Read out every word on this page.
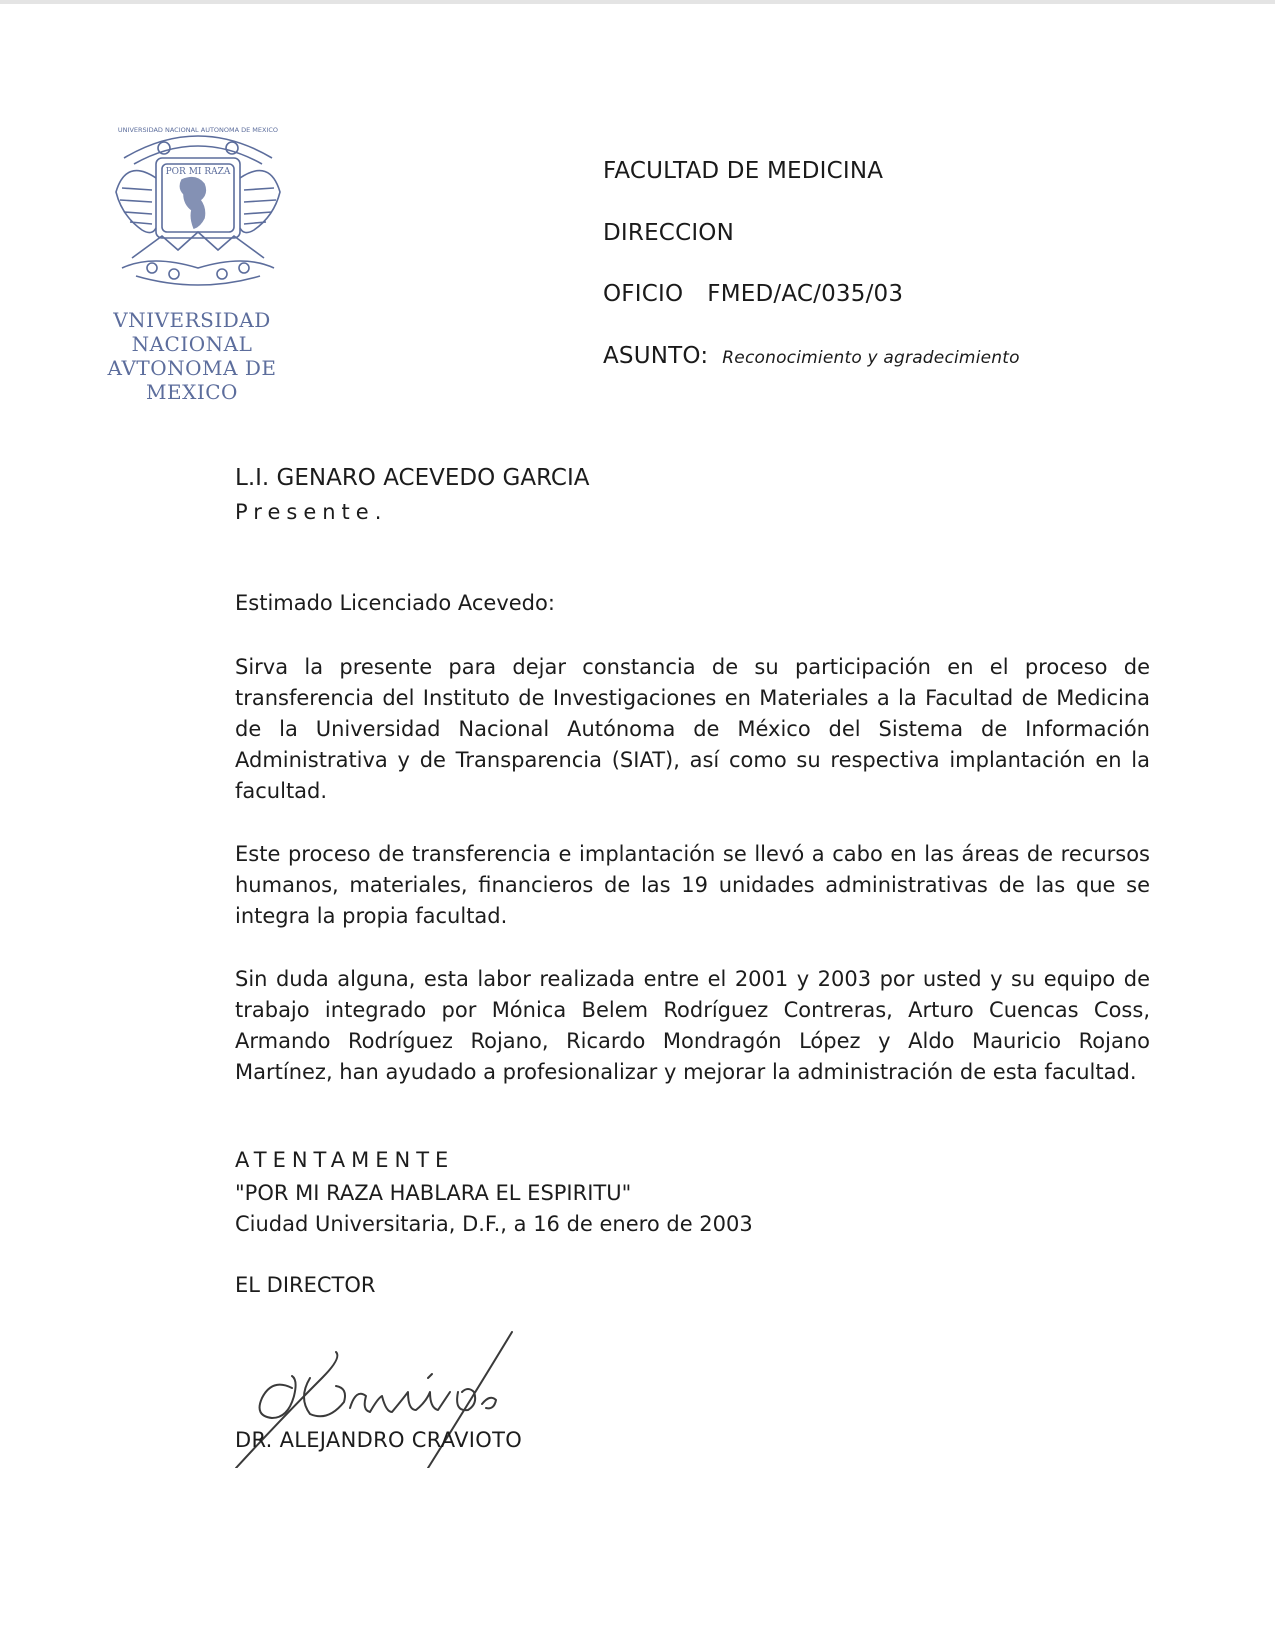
POR MI RAZA
UNIVERSIDAD NACIONAL AUTONOMA DE MEXICO
VNIVERSIDAD NACIONAL
AVTONOMA DE
MEXICO
FACULTAD DE MEDICINA
DIRECCION
OFICIO FMED/AC/035/03
ASUNTO: Reconocimiento y agradecimiento
L.I. GENARO ACEVEDO GARCIA
Presente.
Estimado Licenciado Acevedo:

Sirva la presente para dejar constancia de su participación en el proceso de transferencia del Instituto de Investigaciones en Materiales a la Facultad de Medicina de la Universidad Nacional Autónoma de México del Sistema de Información Administrativa y de Transparencia (SIAT), así como su respectiva implantación en la facultad.

Este proceso de transferencia e implantación se llevó a cabo en las áreas de recursos humanos, materiales, financieros de las 19 unidades administrativas de las que se integra la propia facultad.

Sin duda alguna, esta labor realizada entre el 2001 y 2003 por usted y su equipo de trabajo integrado por Mónica Belem Rodríguez Contreras, Arturo Cuencas Coss, Armando Rodríguez Rojano, Ricardo Mondragón López y Aldo Mauricio Rojano Martínez, han ayudado a profesionalizar y mejorar la administración de esta facultad.

ATENTAMENTE
"POR MI RAZA HABLARA EL ESPIRITU"
Ciudad Universitaria, D.F., a 16 de enero de 2003
EL DIRECTOR
DR. ALEJANDRO CRAVIOTO
